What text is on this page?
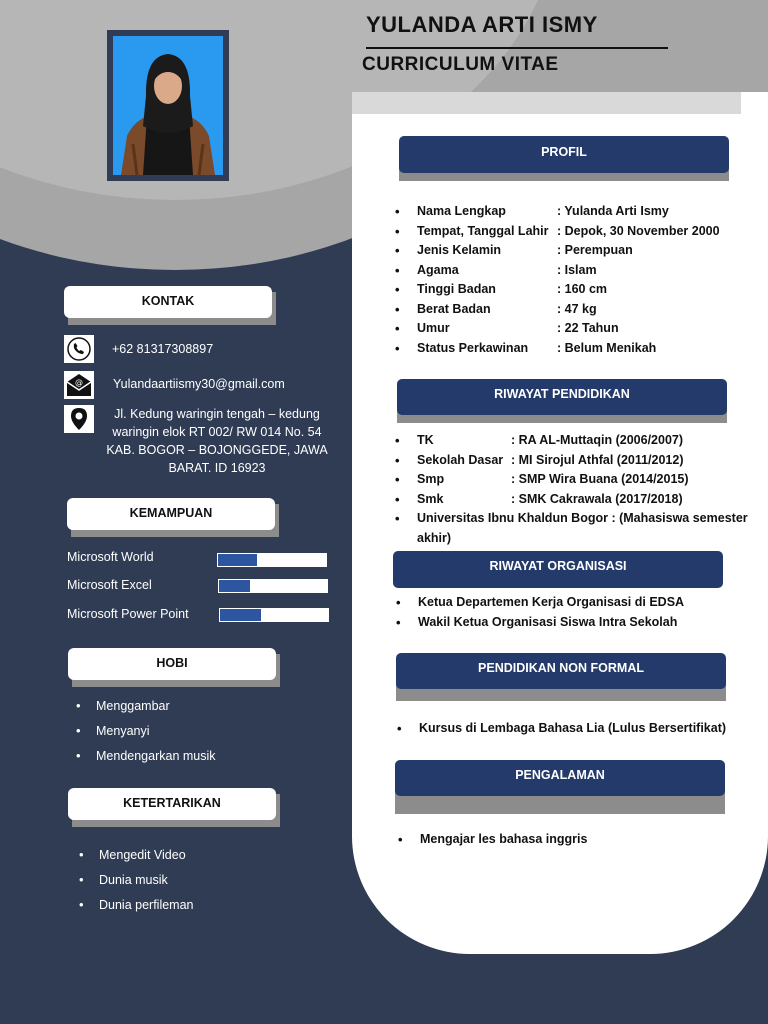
YULANDA ARTI ISMY
CURRICULUM VITAE
KONTAK
+62 81317308897
@ Yulandaartiismy30@gmail.com
Jl. Kedung waringin tengah – kedung waringin elok RT 002/ RW 014 No. 54 KAB. BOGOR – BOJONGGEDE, JAWA BARAT. ID 16923
KEMAMPUAN
Microsoft World
Microsoft Excel
Microsoft Power Point
HOBI
• Menggambar
• Menyanyi
• Mendengarkan musik
KETERTARIKAN
• Mengedit Video
• Dunia musik
• Dunia perfileman
PROFIL
• Nama Lengkap	: Yulanda Arti Ismy
• Tempat, Tanggal Lahir : Depok, 30 November 2000
• Jenis Kelamin	: Perempuan
• Agama	: Islam
• Tinggi Badan	: 160 cm
• Berat Badan	: 47 kg
• Umur	: 22 Tahun
• Status Perkawinan : Belum Menikah
RIWAYAT PENDIDIKAN
• TK	: RA AL-Muttaqin (2006/2007)
• Sekolah Dasar : MI Sirojul Athfal (2011/2012)
• Smp	: SMP Wira Buana (2014/2015)
• Smk	: SMK Cakrawala (2017/2018)
• Universitas Ibnu Khaldun Bogor : (Mahasiswa semester akhir)
RIWAYAT ORGANISASI
• Ketua Departemen Kerja Organisasi di EDSA
• Wakil Ketua Organisasi Siswa Intra Sekolah
PENDIDIKAN NON FORMAL
• Kursus di Lembaga Bahasa Lia (Lulus Bersertifikat)
PENGALAMAN
• Mengajar les bahasa inggris
